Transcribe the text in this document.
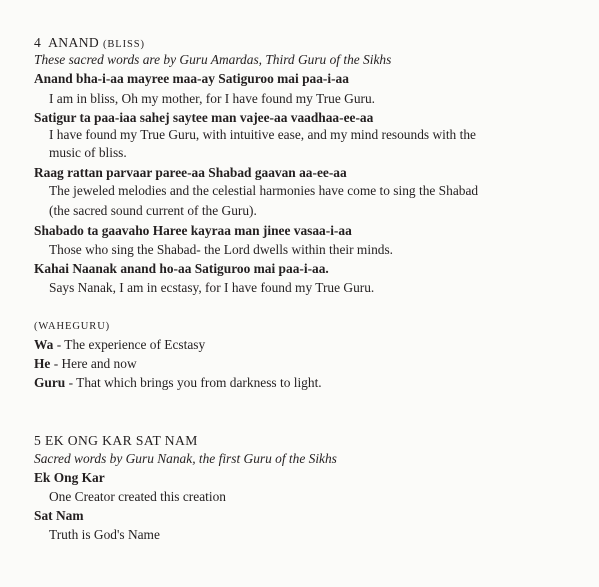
4 ANAND (BLISS)
These sacred words are by Guru Amardas, Third Guru of the Sikhs
Anand bha-i-aa mayree maa-ay Satiguroo mai paa-i-aa
I am in bliss, Oh my mother, for I have found my True Guru.
Satigur ta paa-iaa sahej saytee man vajee-aa vaadhaa-ee-aa
I have found my True Guru, with intuitive ease, and my mind resounds with the
music of bliss.
Raag rattan parvaar paree-aa Shabad gaavan aa-ee-aa
The jeweled melodies and the celestial harmonies have come to sing the Shabad
(the sacred sound current of the Guru).
Shabado ta gaavaho Haree kayraa man jinee vasaa-i-aa
Those who sing the Shabad- the Lord dwells within their minds.
Kahai Naanak anand ho-aa Satiguroo mai paa-i-aa.
Says Nanak, I am in ecstasy, for I have found my True Guru.
(WAHEGURU)
Wa - The experience of Ecstasy
He - Here and now
Guru - That which brings you from darkness to light.
5 EK ONG KAR SAT NAM
Sacred words by Guru Nanak, the first Guru of the Sikhs
Ek Ong Kar
One Creator created this creation
Sat Nam
Truth is God's Name
